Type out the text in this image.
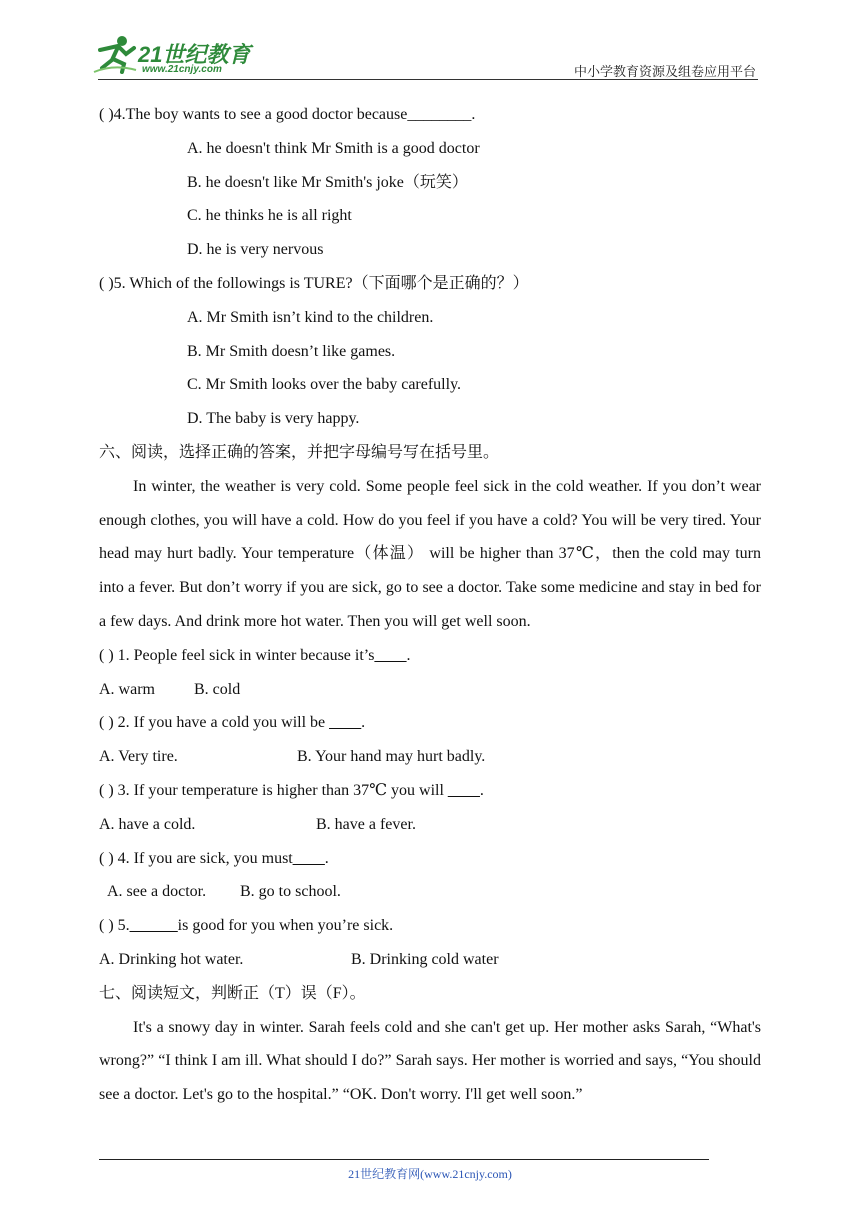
21世纪教育
www.21cnjy.com	中小学教育资源及组卷应用平台
( )4.The boy wants to see a good doctor because________.
A. he doesn't think Mr Smith is a good doctor
B. he doesn't like Mr Smith's joke（玩笑）
C. he thinks he is all right
D. he is very nervous
( )5. Which of the followings is TURE?（下面哪个是正确的？）
A. Mr Smith isn’t kind to the children.
B. Mr Smith doesn’t like games.
C. Mr Smith looks over the baby carefully.
D. The baby is very happy.
六、阅读，选择正确的答案，并把字母编号写在括号里。
In winter, the weather is very cold. Some people feel sick in the cold weather. If you don’t wear enough clothes, you will have a cold. How do you feel if you have a cold? You will be very tired. Your head may hurt badly. Your temperature（体温） will be higher than 37℃，then the cold may turn into a fever. But don’t worry if you are sick, go to see a doctor. Take some medicine and stay in bed for a few days. And drink more hot water. Then you will get well soon.
( ) 1. People feel sick in winter because it’s____.
A. warm B. cold
( ) 2. If you have a cold you will be ____.
A. Very tire.	B. Your hand may hurt badly.
( ) 3. If your temperature is higher than 37℃ you will ____.
A. have a cold.	B. have a fever.
( ) 4. If you are sick, you must____.
A. see a doctor. B. go to school.
( ) 5.______is good for you when you’re sick.
A. Drinking hot water.	B. Drinking cold water
七、阅读短文，判断正（T）误（F）。
It's a snowy day in winter. Sarah feels cold and she can't get up. Her mother asks Sarah, “What's wrong?” “I think I am ill. What should I do?” Sarah says. Her mother is worried and says, “You should see a doctor. Let's go to the hospital.” “OK. Don't worry. I'll get well soon.”
21世纪教育网(www.21cnjy.com)
